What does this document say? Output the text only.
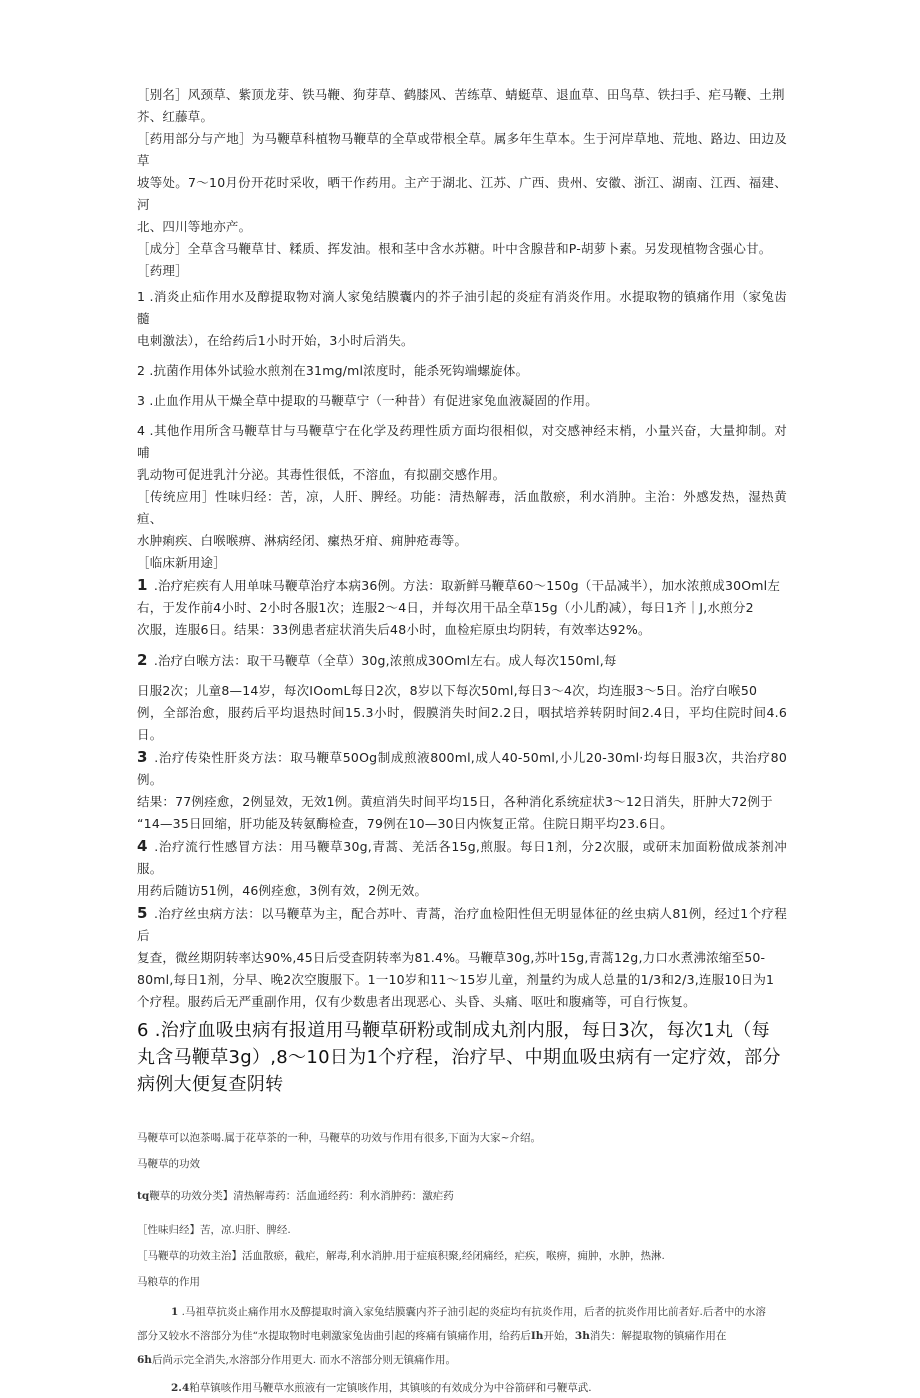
［别名］风颈草、紫顶龙芽、铁马鞭、狗芽草、鹤膝风、苦练草、蜻蜓草、退血草、田鸟草、铁扫手、疟马鞭、土荆
芥、红藤草。

［药用部分与产地］为马鞭草科植物马鞭草的全草或带根全草。属多年生草本。生于河岸草地、荒地、路边、田边及草
坡等处。7〜10月份开花时采收，晒干作药用。主产于湖北、江苏、广西、贵州、安徽、浙江、湖南、江西、福建、河
北、四川等地亦产。

［成分］全草含马鞭草甘、糅质、挥发油。根和茎中含水苏糖。叶中含腺昔和P-胡萝卜素。另发现植物含强心甘。

［药理］

1 .消炎止疝作用水及醇提取物对滴人家兔结膜囊内的芥子油引起的炎症有消炎作用。水提取物的镇痛作用（家兔齿髓
电刺激法），在给药后1小时开始，3小时后消失。

2 .抗菌作用体外试验水煎剂在31mg/ml浓度时，能杀死钩端螺旋体。

3 .止血作用从干燥全草中提取的马鞭草宁（一种昔）有促进家兔血液凝固的作用。

4 .其他作用所含马鞭草甘与马鞭草宁在化学及药理性质方面均很相似，对交感神经末梢，小量兴奋，大量抑制。对哺
乳动物可促进乳汁分泌。其毒性很低，不溶血，有拟副交感作用。

［传统应用］性味归经：苦，凉，人肝、脾经。功能：清热解毒，活血散瘀，利水消肿。主治：外感发热，湿热黄疸、
水肿痢疾、白喉喉痹、淋病经闭、瘰热牙疳、痈肿疮毒等。

［临床新用途］

1 .治疗疟疾有人用单味马鞭草治疗本病36例。方法：取新鲜马鞭草60〜150g（干品减半），加水浓煎成30Oml左
右，于发作前4小时、2小时各服1次；连服2〜4日，并每次用干品全草15g（小儿酌减），每日1齐｜J,水煎分2
次服，连服6日。结果：33例患者症状消失后48小时，血检疟原虫均阴转，有效率达92%。

2 .治疗白喉方法：取干马鞭草（全草）30g,浓煎成30Oml左右。成人每次150ml,每

日服2次；儿童8—14岁，每次IOomL每日2次，8岁以下每次50ml,每日3〜4次，均连服3〜5日。治疗白喉50
例，全部治愈，服药后平均退热时间15.3小时，假膜消失时间2.2日，咽拭培养转阴时间2.4日，平均住院时间4.6日。

3 .治疗传染性肝炎方法：取马鞭草50Og制成煎液800ml,成人40-50ml,小儿20-30ml·均每日服3次，共治疗80例。
结果：77例痊愈，2例显效，无效1例。黄疸消失时间平均15日，各种消化系统症状3〜12日消失，肝肿大72例于
“14—35日回缩，肝功能及转氨酶检查，79例在10—30日内恢复正常。住院日期平均23.6日。

4 .治疗流行性感冒方法：用马鞭草30g,青蒿、羌活各15g,煎服。每日1剂，分2次服，或研末加面粉做成茶剂冲服。
用药后随访51例，46例痊愈，3例有效，2例无效。

5 .治疗丝虫病方法：以马鞭草为主，配合苏叶、青蒿，治疗血检阳性但无明显体征的丝虫病人81例，经过1个疗程后
复查，微丝期阴转率达90%,45日后受查阴转率为81.4%。马鞭草30g,苏叶15g,青蒿12g,力口水煮沸浓缩至50-
80ml,每日1剂，分早、晚2次空腹服下。1一10岁和11〜15岁儿童，剂量约为成人总量的1/3和2/3,连服10日为1
个疗程。服药后无严重副作用，仅有少数患者出现恶心、头昏、头痛、呕吐和腹痛等，可自行恢复。

6 .治疗血吸虫病有报道用马鞭草研粉或制成丸剂内服，每日3次，每次1丸（每
丸含马鞭草3g）,8〜10日为1个疗程，治疗早、中期血吸虫病有一定疗效，部分
病例大便复查阴转

马鞭草可以泡茶喝.属于花草茶的一种，马鞭草的功效与作用有很多,下面为大家~介绍。

马鞭草的功效

tq鞭草的功效分类】清热解毒药：活血通经药：利水消肿药：激疟药

［性味归经】苦，凉.归肝、脾经.

［马鞭草的功效主治】活血散瘀，截疟，解毒,利水消肿.用于症痕积聚,经闭痛经，疟疾，喉痹，痈肿，水肿，热淋.

马粮草的作用

1 .马祖草抗炎止痛作用水及醇提取时滴入家兔结膜囊内芥子油引起的炎症均有抗炎作用，后者的抗炎作用比前者好.后者中的水溶
部分又较水不溶部分为佳“水提取物时电刺激家兔齿曲引起的疼痛有镇痛作用，给药后Ih开始，3h消失：解提取物的镇痛作用在
6h后尚示完全消失,水溶部分作用更大. 而水不溶部分则无镇痛作用。

2.4粕草镇咳作用马鞭草水煎液有一定镇咳作用，其镇咳的有效成分为中谷箭砰和弓鞭草武.
